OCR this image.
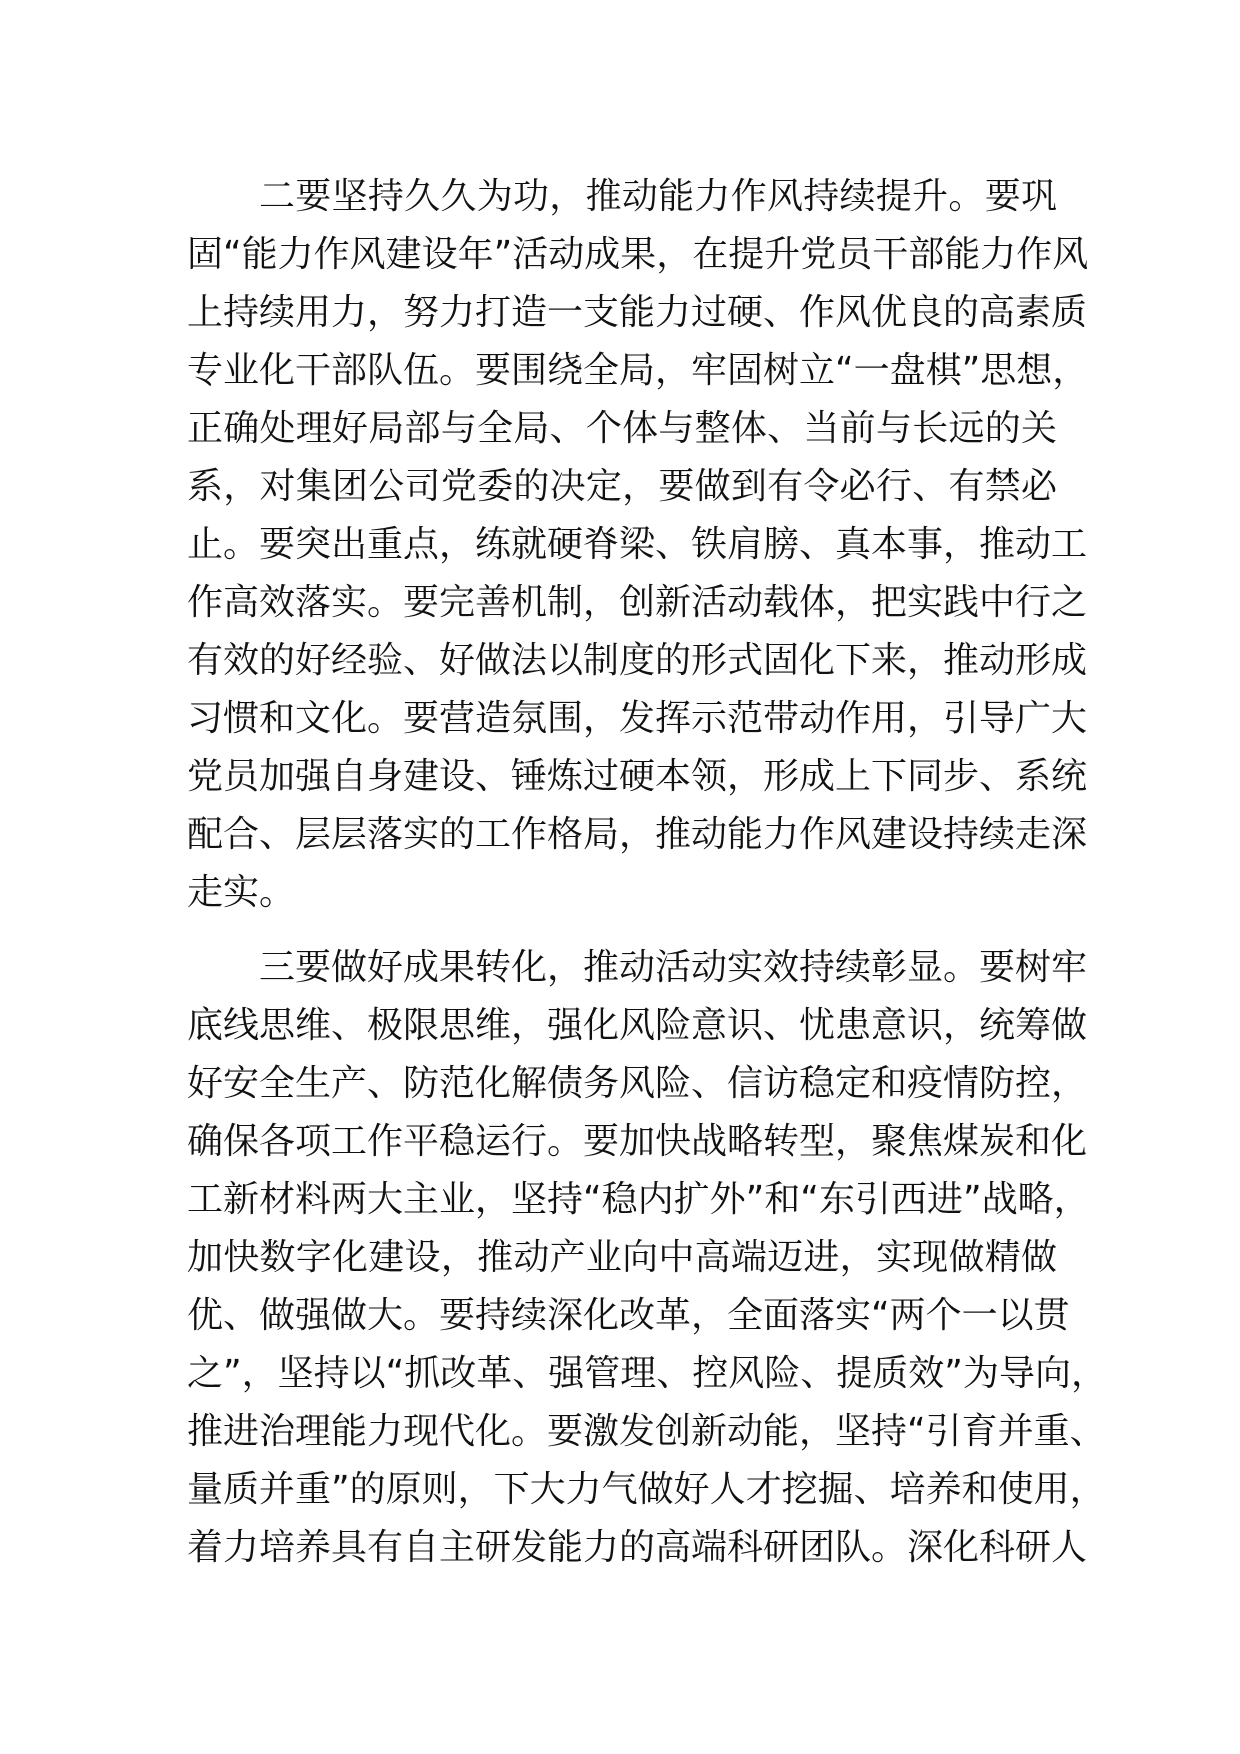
二要坚持久久为功，推动能力作风持续提升。要巩
固“能力作风建设年”活动成果，在提升党员干部能力作风
上持续用力，努力打造一支能力过硬、作风优良的高素质
专业化干部队伍。要围绕全局，牢固树立“一盘棋”思想，
正确处理好局部与全局、个体与整体、当前与长远的关
系，对集团公司党委的决定，要做到有令必行、有禁必
止。要突出重点，练就硬脊梁、铁肩膀、真本事，推动工
作高效落实。要完善机制，创新活动载体，把实践中行之
有效的好经验、好做法以制度的形式固化下来，推动形成
习惯和文化。要营造氛围，发挥示范带动作用，引导广大
党员加强自身建设、锤炼过硬本领，形成上下同步、系统
配合、层层落实的工作格局，推动能力作风建设持续走深
走实。

三要做好成果转化，推动活动实效持续彰显。要树牢
底线思维、极限思维，强化风险意识、忧患意识，统筹做
好安全生产、防范化解债务风险、信访稳定和疫情防控，
确保各项工作平稳运行。要加快战略转型，聚焦煤炭和化
工新材料两大主业，坚持“稳内扩外”和“东引西进”战略，
加快数字化建设，推动产业向中高端迈进，实现做精做
优、做强做大。要持续深化改革，全面落实“两个一以贯
之”，坚持以“抓改革、强管理、控风险、提质效”为导向，
推进治理能力现代化。要激发创新动能，坚持“引育并重、
量质并重”的原则，下大力气做好人才挖掘、培养和使用，
着力培养具有自主研发能力的高端科研团队。深化科研人
